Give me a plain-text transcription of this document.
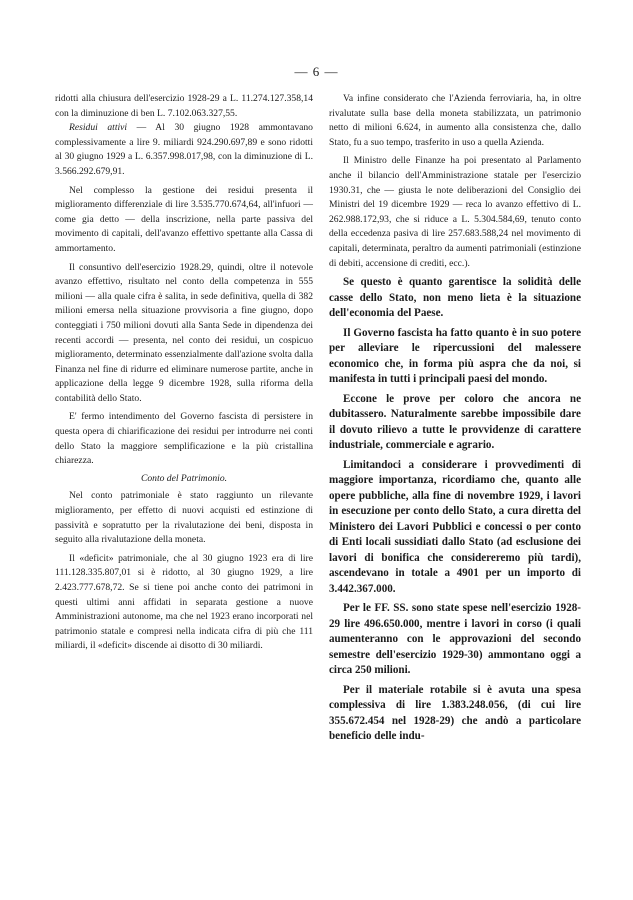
— 6 —

ridotti alla chiusura dell'esercizio 1928-29 a L. 11.274.127.358,14 con la diminuzione di ben L. 7.102.063.327,55.

Residui attivi — Al 30 giugno 1928 ammontavano complessivamente a lire 9. miliardi 924.290.697,89 e sono ridotti al 30 giugno 1929 a L. 6.357.998.017,98, con la diminuzione di L. 3.566.292.679,91.

Nel complesso la gestione dei residui presenta il miglioramento differenziale di lire 3.535.770.674,64, all'infuori — come gia detto — della inscrizione, nella parte passiva del movimento di capitali, dell'avanzo effettivo spettante alla Cassa di ammortamento.

Il consuntivo dell'esercizio 1928.29, quindi, oltre il notevole avanzo effettivo, risultato nel conto della competenza in 555 milioni — alla quale cifra è salita, in sede definitiva, quella di 382 milioni emersa nella situazione provvisoria a fine giugno, dopo conteggiati i 750 milioni dovuti alla Santa Sede in dipendenza dei recenti accordi — presenta, nel conto dei residui, un cospicuo miglioramento, determinato essenzialmente dall'azione svolta dalla Finanza nel fine di ridurre ed eliminare numerose partite, anche in applicazione della legge 9 dicembre 1928, sulla riforma della contabilità dello Stato.

E' fermo intendimento del Governo fascista di persistere in questa opera di chiarificazione dei residui per introdurre nei conti dello Stato la maggiore semplificazione e la più cristallina chiarezza.

Conto del Patrimonio.

Nel conto patrimoniale è stato raggiunto un rilevante miglioramento, per effetto di nuovi acquisti ed estinzione di passività e sopratutto per la rivalutazione dei beni, disposta in seguito alla rivalutazione della moneta.

Il «deficit» patrimoniale, che al 30 giugno 1923 era di lire 111.128.335.807,01 si è ridotto, al 30 giugno 1929, a lire 2.423.777.678,72. Se si tiene poi anche conto dei patrimoni in questi ultimi anni affidati in separata gestione a nuove Amministrazioni autonome, ma che nel 1923 erano incorporati nel patrimonio statale e compresi nella indicata cifra di più che 111 miliardi, il «deficit» discende ai disotto di 30 miliardi.

Va infine considerato che l'Azienda ferroviaria, ha, in oltre rivalutate sulla base della moneta stabilizzata, un patrimonio netto di milioni 6.624, in aumento alla consistenza che, dallo Stato, fu a suo tempo, trasferito in uso a quella Azienda.

Il Ministro delle Finanze ha poi presentato al Parlamento anche il bilancio dell'Amministrazione statale per l'esercizio 1930.31, che — giusta le note deliberazioni del Consiglio dei Ministri del 19 dicembre 1929 — reca lo avanzo effettivo di L. 262.988.172,93, che si riduce a L. 5.304.584,69, tenuto conto della eccedenza pasiva di lire 257.683.588,24 nel movimento di capitali, determinata, peraltro da aumenti patrimoniali (estinzione di debiti, accensione di crediti, ecc.).

Se questo è quanto garentisce la solidità delle casse dello Stato, non meno lieta è la situazione dell'economia del Paese.

Il Governo fascista ha fatto quanto è in suo potere per alleviare le ripercussioni del malessere economico che, in forma più aspra che da noi, si manifesta in tutti i principali paesi del mondo.

Eccone le prove per coloro che ancora ne dubitassero. Naturalmente sarebbe impossibile dare il dovuto rilievo a tutte le provvidenze di carattere industriale, commerciale e agrario.

Limitandoci a considerare i provvedimenti di maggiore importanza, ricordiamo che, quanto alle opere pubbliche, alla fine di novembre 1929, i lavori in esecuzione per conto dello Stato, a cura diretta del Ministero dei Lavori Pubblici e concessi o per conto di Enti locali sussidiati dallo Stato (ad esclusione dei lavori di bonifica che considereremo più tardi), ascendevano in totale a 4901 per un importo di 3.442.367.000.

Per le FF. SS. sono state spese nell'esercizio 1928-29 lire 496.650.000, mentre i lavori in corso (i quali aumenteranno con le approvazioni del secondo semestre dell'esercizio 1929-30) ammontano oggi a circa 250 milioni.

Per il materiale rotabile si è avuta una spesa complessiva di lire 1.383.248.056, (di cui lire 355.672.454 nel 1928-29) che andò a particolare beneficio delle indu-
